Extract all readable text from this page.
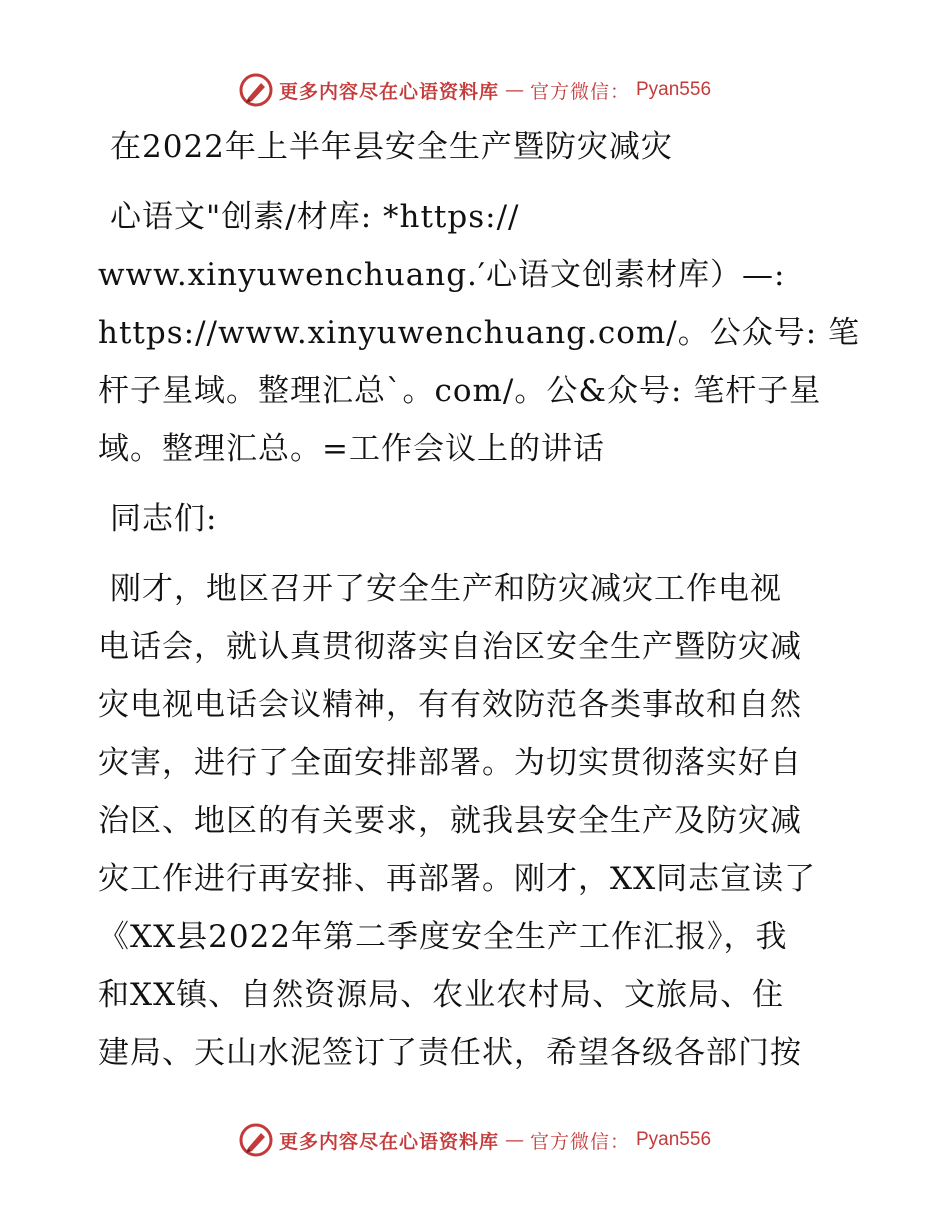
更多内容尽在心语资料库 — 官方微信： Pyan556
在2022年上半年县安全生产暨防灾减灾
心语文"创素/材库: *https://
www.xinyuwenchuang.′心语文创素材库）—:
https://www.xinyuwenchuang.com/。公众号: 笔
杆子星域。整理汇总`。com/。公&众号: 笔杆子星
域。整理汇总。=工作会议上的讲话
同志们:
刚才，地区召开了安全生产和防灾减灾工作电视
电话会，就认真贯彻落实自治区安全生产暨防灾减
灾电视电话会议精神，有有效防范各类事故和自然
灾害，进行了全面安排部署。为切实贯彻落实好自
治区、地区的有关要求，就我县安全生产及防灾减
灾工作进行再安排、再部署。刚才，XX同志宣读了
《XX县2022年第二季度安全生产工作汇报》，我
和XX镇、自然资源局、农业农村局、文旅局、住
建局、天山水泥签订了责任状，希望各级各部门按
更多内容尽在心语资料库 — 官方微信： Pyan556
